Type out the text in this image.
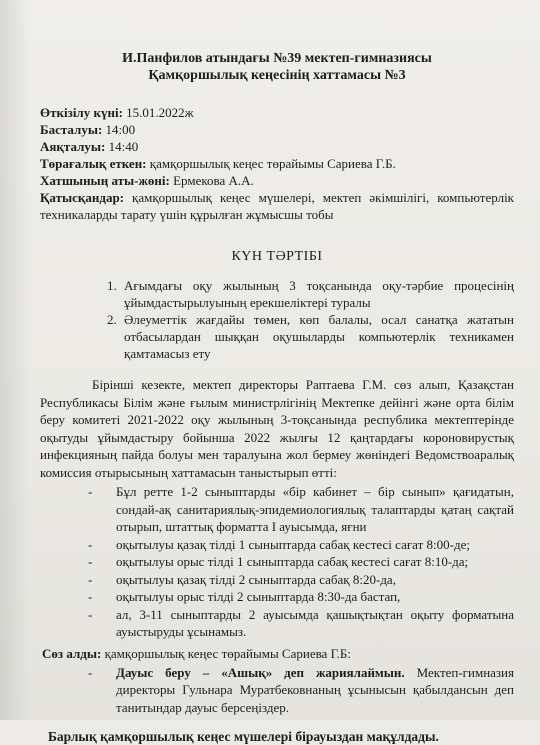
И.Панфилов атындағы №39 мектеп-гимназиясы
Қамқоршылық кеңесінің хаттамасы №3
Өткізілу күні: 15.01.2022ж
Басталуы: 14:00
Аяқталуы: 14:40
Төрағалық еткен: қамқоршылық кеңес төрайымы Сариева Г.Б.
Хатшының аты-жөні: Ермекова А.А.
Қатысқандар: қамқоршылық кеңес мүшелері, мектеп әкімшілігі, компьютерлік техникаларды тарату үшін құрылған жұмысшы тобы
КҮН ТӘРТІБІ
1. Ағымдағы оқу жылының 3 тоқсанында оқу-тәрбие процесінің ұйымдастырылуының ерекшеліктері туралы
2. Әлеуметтік жағдайы төмен, көп балалы, осал санатқа жататын отбасылардан шыққан оқушыларды компьютерлік техникамен қамтамасыз ету

Бірінші кезекте, мектеп директоры Раптаева Г.М. сөз алып, Қазақстан Республикасы Білім және ғылым министрлігінің Мектепке дейінгі және орта білім беру комитеті 2021-2022 оқу жылының 3-тоқсанында республика мектептерінде оқытуды ұйымдастыру бойынша 2022 жылғы 12 қаңтардағы короновирустық инфекцияның пайда болуы мен таралуына жол бермеу жөніндегі Ведомствоаралық комиссия отырысының хаттамасын таныстырып өтті:

- Бұл ретте 1-2 сыныптарды «бір кабинет – бір сынып» қағидатын, сондай-ақ санитариялық-эпидемиологиялық талаптарды қатаң сақтай отырып, штаттық форматта І ауысымда, яғни
- оқытылуы қазақ тілді 1 сыныптарда сабақ кестесі сағат 8:00-де;
- оқытылуы орыс тілді 1 сыныптарда сабақ кестесі сағат 8:10-да;
- оқытылуы қазақ тілді 2 сыныптарда сабақ 8:20-да,
- оқытылуы орыс тілді 2 сыныптарда 8:30-да бастап,
- ал, 3-11 сыныптарды 2 ауысымда қашықтықтан оқыту форматына ауыстыруды ұсынамыз.
Сөз алды: қамқоршылық кеңес төрайымы Сариева Г.Б:
- Дауыс беру – «Ашық» деп жариялаймын. Мектеп-гимназия директоры Гульнара Муратбековнаның ұсынысын қабылдансын деп танитындар дауыс берсеңіздер.
Барлық қамқоршылық кеңес мүшелері бірауыздан мақұлдады.
